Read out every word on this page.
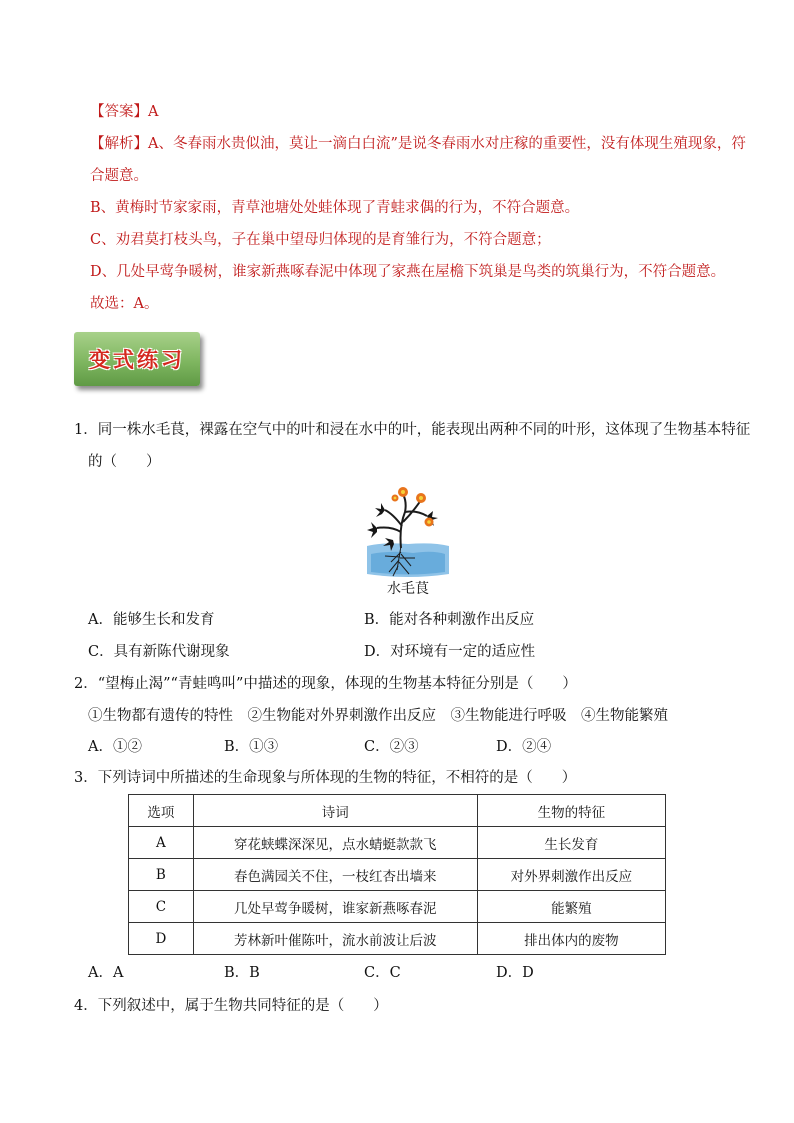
【答案】A
【解析】A、冬春雨水贵似油，莫让一滴白白流”是说冬春雨水对庄稼的重要性，没有体现生殖现象，符
合题意。
B、黄梅时节家家雨，青草池塘处处蛙体现了青蛙求偶的行为，不符合题意。
C、劝君莫打枝头鸟，子在巢中望母归体现的是育雏行为，不符合题意；
D、几处早莺争暖树，谁家新燕啄春泥中体现了家燕在屋檐下筑巢是鸟类的筑巢行为，不符合题意。
故选：A。
变式练习
1．同一株水毛茛，裸露在空气中的叶和浸在水中的叶，能表现出两种不同的叶形，这体现了生物基本特征
的（　　）
水毛茛
A．能够生长和发育	B．能对各种刺激作出反应
C．具有新陈代谢现象	D．对环境有一定的适应性
2．“望梅止渴”“青蛙鸣叫”中描述的现象，体现的生物基本特征分别是（　　）
①生物都有遗传的特性　②生物能对外界刺激作出反应　③生物能进行呼吸　④生物能繁殖
A．①②	B．①③	C．②③	D．②④
3．下列诗词中所描述的生命现象与所体现的生物的特征，不相符的是（　　）
选项	诗词	生物的特征
A	穿花蛱蝶深深见，点水蜻蜓款款飞	生长发育
B	春色满园关不住，一枝红杏出墙来	对外界刺激作出反应
C	几处早莺争暖树，谁家新燕啄春泥	能繁殖
D	芳林新叶催陈叶，流水前波让后波	排出体内的废物
A．A	B．B	C．C	D．D
4．下列叙述中，属于生物共同特征的是（　　）
